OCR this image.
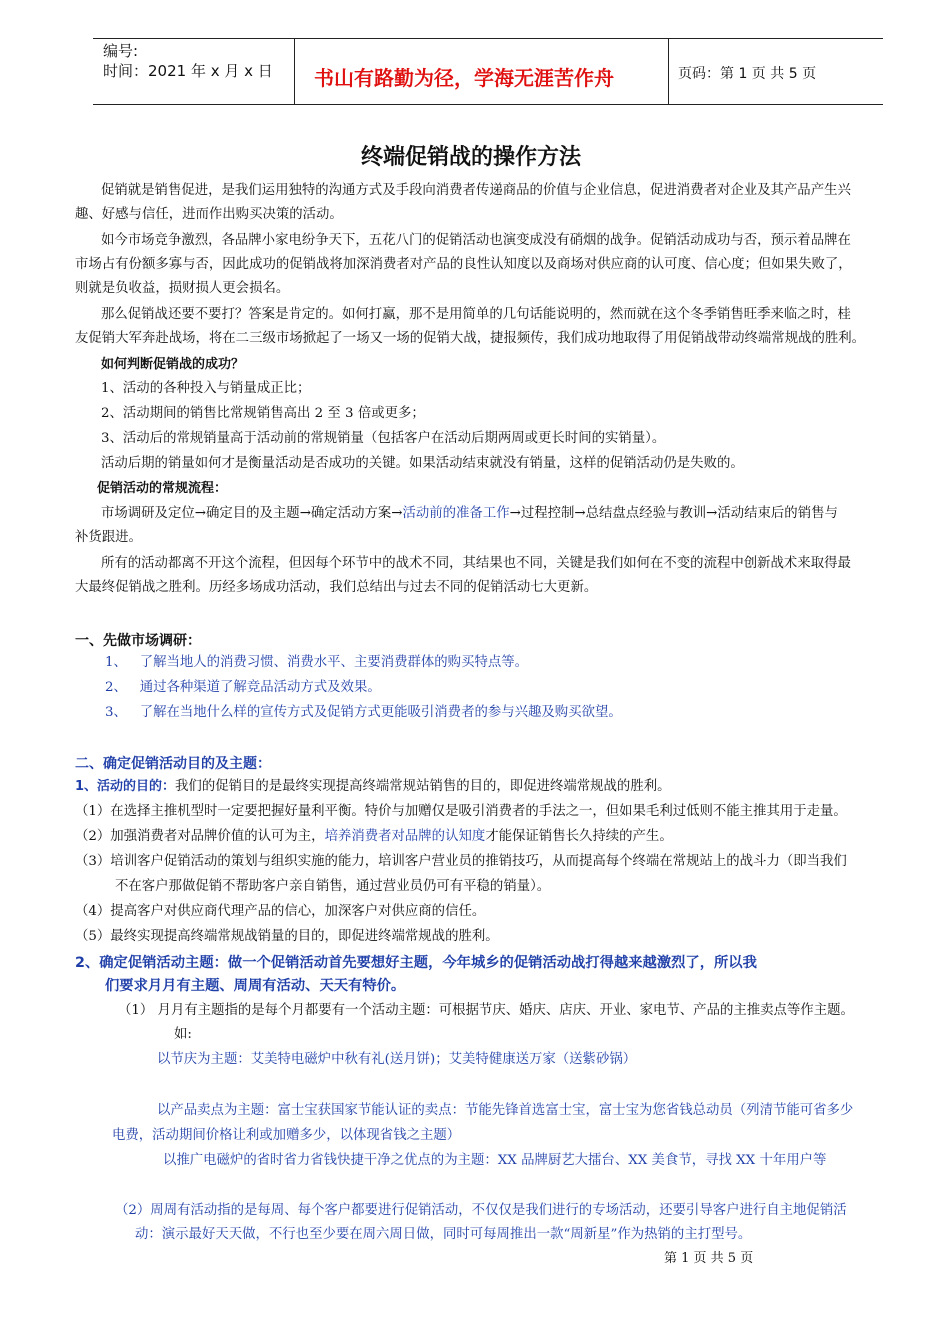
编号:
时间：2021 年 x 月 x 日 书山有路勤为径，学海无涯苦作舟	页码：第 1 页 共 5 页
终端促销战的操作方法
促销就是销售促进，是我们运用独特的沟通方式及手段向消费者传递商品的价值与企业信息，促进消费者对企业及其产品产生兴
趣、好感与信任，进而作出购买决策的活动。
如今市场竞争激烈，各品牌小家电纷争天下，五花八门的促销活动也演变成没有硝烟的战争。促销活动成功与否，预示着品牌在
市场占有份额多寡与否，因此成功的促销战将加深消费者对产品的良性认知度以及商场对供应商的认可度、信心度；但如果失败了，
则就是负收益，损财损人更会损名。
那么促销战还要不要打？答案是肯定的。如何打赢，那不是用简单的几句话能说明的，然而就在这个冬季销售旺季来临之时，桂
友促销大军奔赴战场，将在二三级市场掀起了一场又一场的促销大战，捷报频传，我们成功地取得了用促销战带动终端常规战的胜利。
如何判断促销战的成功？
1、活动的各种投入与销量成正比；
2、活动期间的销售比常规销售高出 2 至 3 倍或更多；
3、活动后的常规销量高于活动前的常规销量（包括客户在活动后期两周或更长时间的实销量）。
活动后期的销量如何才是衡量活动是否成功的关键。如果活动结束就没有销量，这样的促销活动仍是失败的。
促销活动的常规流程：
市场调研及定位→确定目的及主题→确定活动方案→活动前的准备工作→过程控制→总结盘点经验与教训→活动结束后的销售与
补货跟进。
所有的活动都离不开这个流程，但因每个环节中的战术不同，其结果也不同，关键是我们如何在不变的流程中创新战术来取得最
大最终促销战之胜利。历经多场成功活动，我们总结出与过去不同的促销活动七大更新。
一、先做市场调研：
1、 了解当地人的消费习惯、消费水平、主要消费群体的购买特点等。
2、 通过各种渠道了解竞品活动方式及效果。
3、 了解在当地什么样的宣传方式及促销方式更能吸引消费者的参与兴趣及购买欲望。
二、确定促销活动目的及主题：
1、活动的目的：我们的促销目的是最终实现提高终端常规站销售的目的，即促进终端常规战的胜利。
（1）在选择主推机型时一定要把握好量利平衡。特价与加赠仅是吸引消费者的手法之一，但如果毛利过低则不能主推其用于走量。
（2）加强消费者对品牌价值的认可为主，培养消费者对品牌的认知度才能保证销售长久持续的产生。
（3）培训客户促销活动的策划与组织实施的能力，培训客户营业员的推销技巧，从而提高每个终端在常规站上的战斗力（即当我们
不在客户那做促销不帮助客户亲自销售，通过营业员仍可有平稳的销量）。
（4）提高客户对供应商代理产品的信心，加深客户对供应商的信任。
（5）最终实现提高终端常规战销量的目的，即促进终端常规战的胜利。
2、确定促销活动主题：做一个促销活动首先要想好主题，今年城乡的促销活动战打得越来越激烈了，所以我
们要求月月有主题、周周有活动、天天有特价。
（1） 月月有主题指的是每个月都要有一个活动主题：可根据节庆、婚庆、店庆、开业、家电节、产品的主推卖点等作主题。
如:
以节庆为主题：艾美特电磁炉中秋有礼(送月饼)；艾美特健康送万家（送紫砂锅）
以产品卖点为主题：富士宝获国家节能认证的卖点：节能先锋首选富士宝，富士宝为您省钱总动员（列清节能可省多少
电费，活动期间价格让利或加赠多少，以体现省钱之主题）
以推广电磁炉的省时省力省钱快捷干净之优点的为主题：XX 品牌厨艺大擂台、XX 美食节，寻找 XX 十年用户等
（2）周周有活动指的是每周、每个客户都要进行促销活动，不仅仅是我们进行的专场活动，还要引导客户进行自主地促销活
动：演示最好天天做，不行也至少要在周六周日做，同时可每周推出一款“周新星”作为热销的主打型号。
第 1 页 共 5 页
